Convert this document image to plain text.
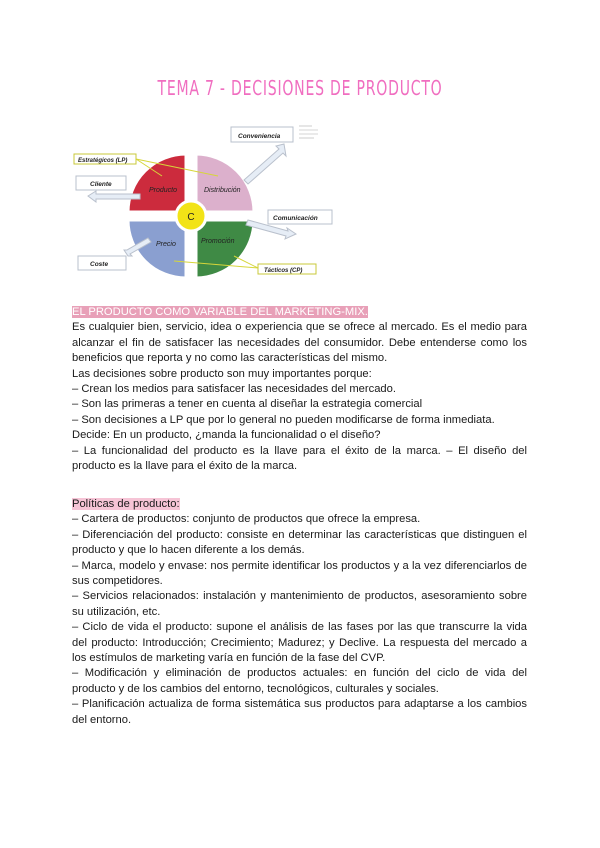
TEMA 7 - DECISIONES DE PRODUCTO
C
Producto	Distribución
Precio	Promoción
Estratégicos (LP)
Tácticos (CP)
Cliente
Conveniencia
Comunicación
Coste

EL PRODUCTO COMO VARIABLE DEL MARKETING-MIX.

Es cualquier bien, servicio, idea o experiencia que se ofrece al mercado. Es el medio para alcanzar el fin de satisfacer las necesidades del consumidor. Debe entenderse como los beneficios que reporta y no como las características del mismo.

Las decisiones sobre producto son muy importantes porque:

– Crean los medios para satisfacer las necesidades del mercado.

– Son las primeras a tener en cuenta al diseñar la estrategia comercial

– Son decisiones a LP que por lo general no pueden modificarse de forma inmediata.

Decide: En un producto, ¿manda la funcionalidad o el diseño?

– La funcionalidad del producto es la llave para el éxito de la marca. – El diseño del producto es la llave para el éxito de la marca.

Políticas de producto:

– Cartera de productos: conjunto de productos que ofrece la empresa.

– Diferenciación del producto: consiste en determinar las características que distinguen el producto y que lo hacen diferente a los demás.

– Marca, modelo y envase: nos permite identificar los productos y a la vez diferenciarlos de sus competidores.

– Servicios relacionados: instalación y mantenimiento de productos, asesoramiento sobre su utilización, etc.

– Ciclo de vida el producto: supone el análisis de las fases por las que transcurre la vida del producto: Introducción; Crecimiento; Madurez; y Declive. La respuesta del mercado a los estímulos de marketing varía en función de la fase del CVP.

– Modificación y eliminación de productos actuales: en función del ciclo de vida del producto y de los cambios del entorno, tecnológicos, culturales y sociales.

– Planificación actualiza de forma sistemática sus productos para adaptarse a los cambios del entorno.
